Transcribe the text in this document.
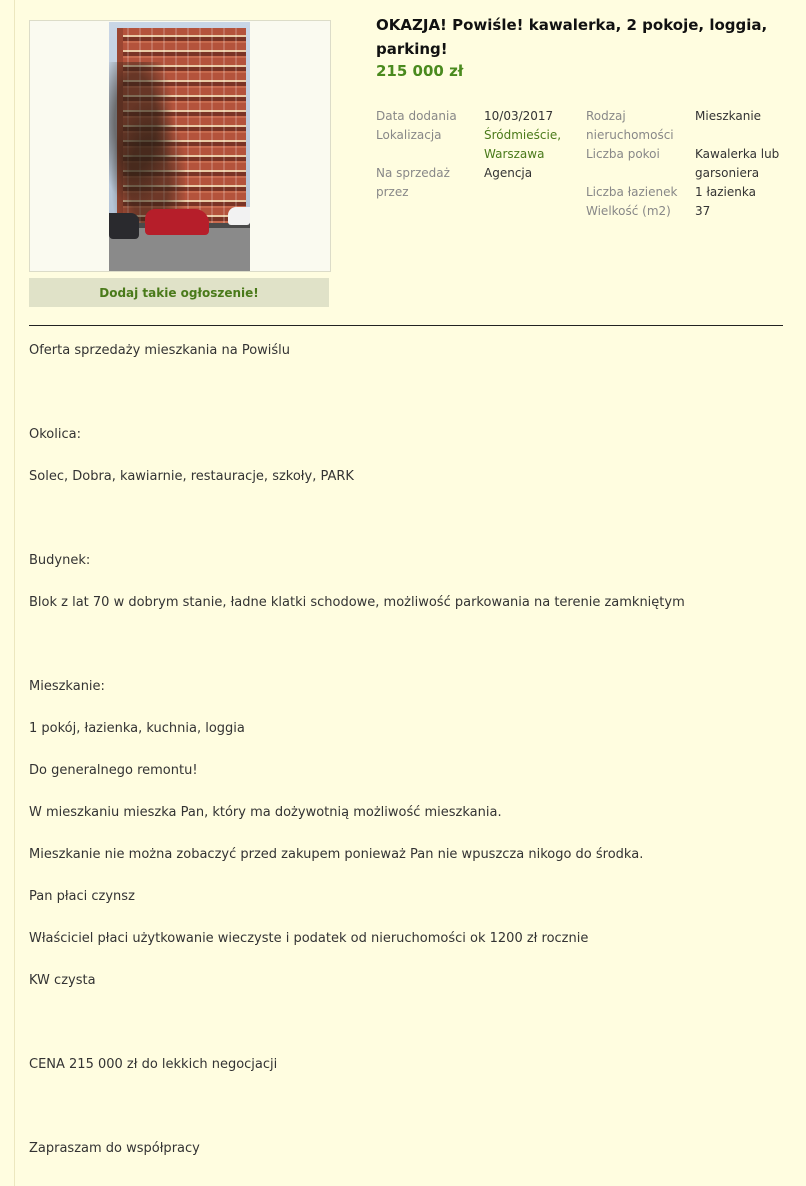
Dodaj takie ogłoszenie!
OKAZJA! Powiśle! kawalerka, 2 pokoje, loggia,
parking!
215 000 zł
Data dodania 10/03/2017
Lokalizacja	Śródmieście,
Warszawa
Na sprzedaż
przez
Agencja
Rodzaj
nieruchomości
Mieszkanie
Liczba pokoi	Kawalerka lub
garsoniera
Liczba łazienek 1 łazienka
Wielkość (m2) 37

Oferta sprzedaży mieszkania na Powiślu

Okolica:

Solec, Dobra, kawiarnie, restauracje, szkoły, PARK

Budynek:

Blok z lat 70 w dobrym stanie, ładne klatki schodowe, możliwość parkowania na terenie zamkniętym

Mieszkanie:

1 pokój, łazienka, kuchnia, loggia

Do generalnego remontu!

W mieszkaniu mieszka Pan, który ma dożywotnią możliwość mieszkania.

Mieszkanie nie można zobaczyć przed zakupem ponieważ Pan nie wpuszcza nikogo do środka.

Pan płaci czynsz

Właściciel płaci użytkowanie wieczyste i podatek od nieruchomości ok 1200 zł rocznie

KW czysta

CENA 215 000 zł do lekkich negocjacji

Zapraszam do współpracy
